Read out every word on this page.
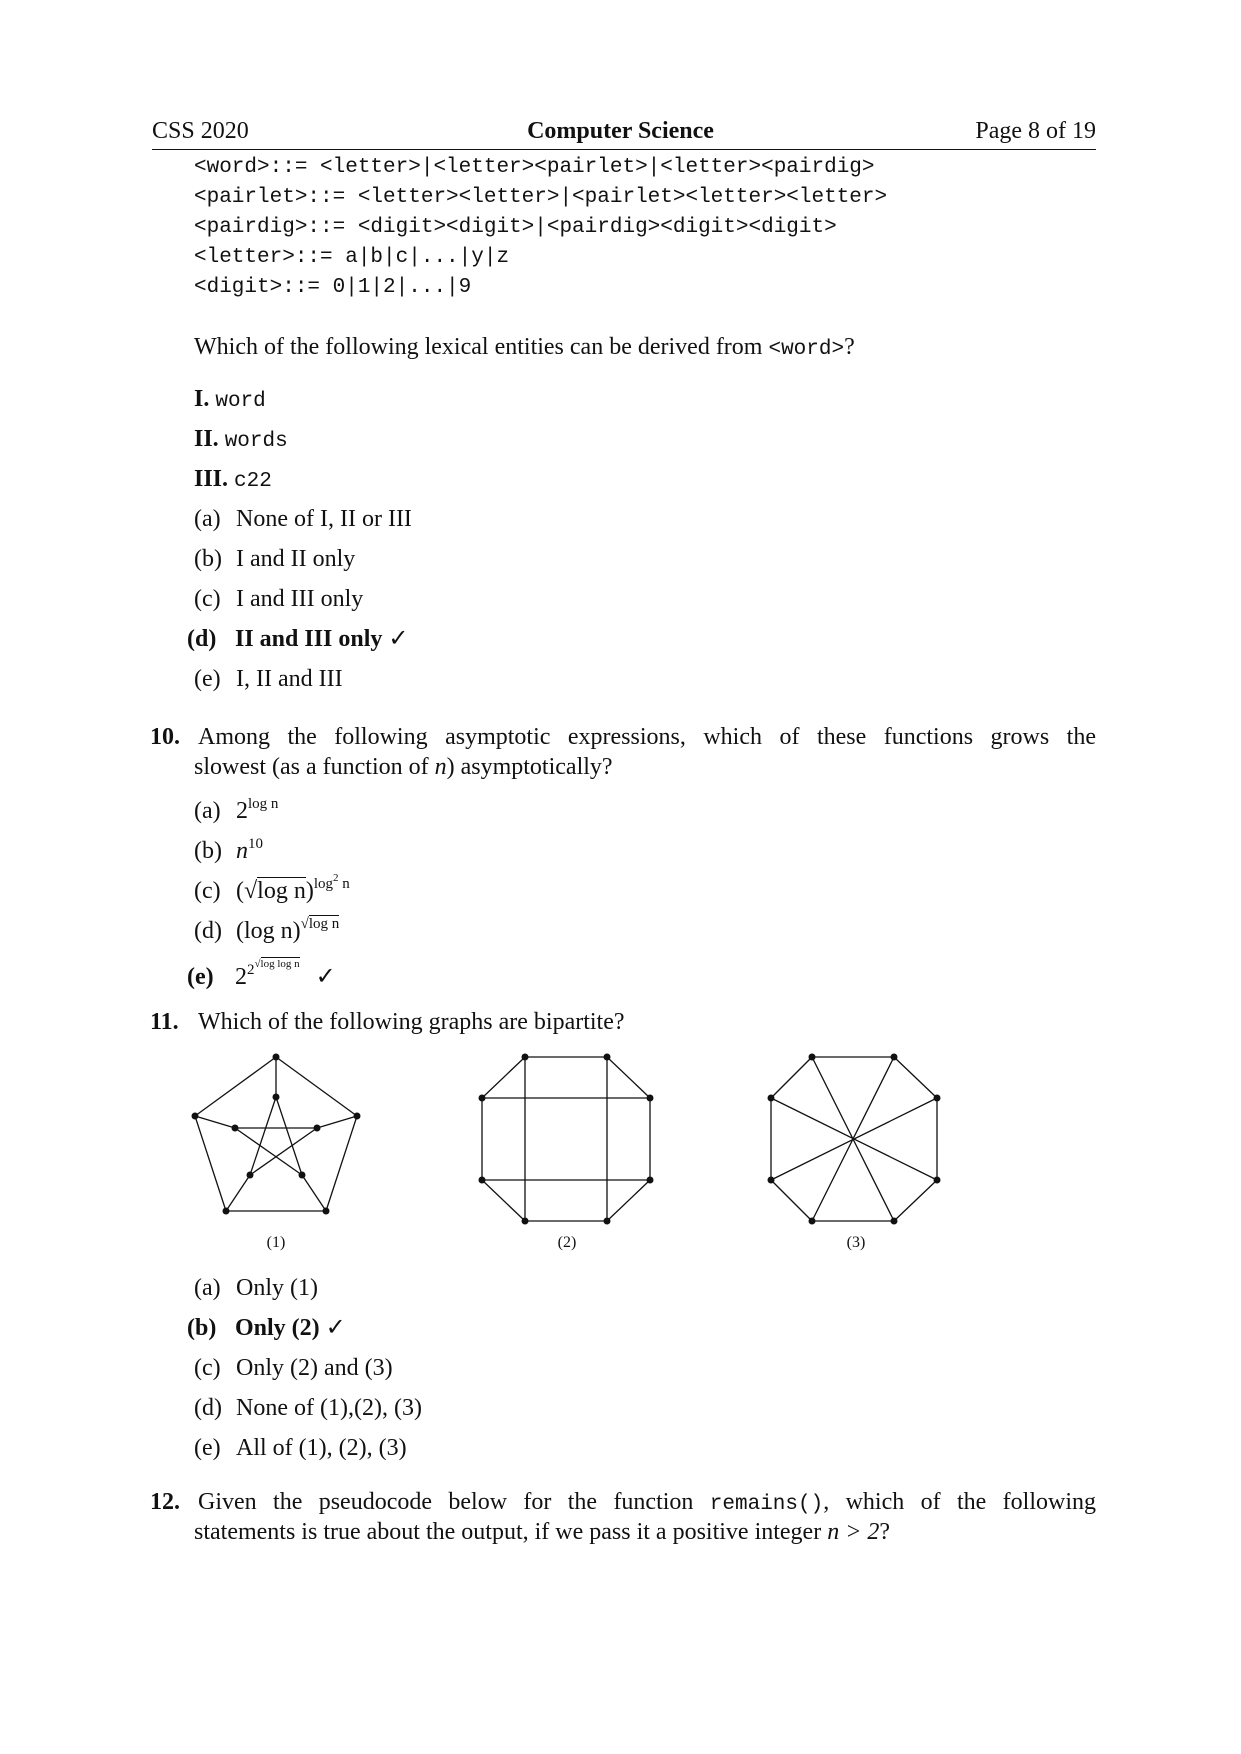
CSS 2020	Computer Science	Page 8 of 19
<word>::= <letter>|<letter><pairlet>|<letter><pairdig>
<pairlet>::= <letter><letter>|<pairlet><letter><letter>
<pairdig>::= <digit><digit>|<pairdig><digit><digit>
<letter>::= a|b|c|...|y|z
<digit>::= 0|1|2|...|9
Which of the following lexical entities can be derived from <word>?
I. word
II. words
III. c22
(a) None of I, II or III
(b) I and II only
(c) I and III only
(d) II and III only ✓
(e) I, II and III
10. Among the following asymptotic expressions, which of these functions grows the
slowest (as a function of n) asymptotically?
(a) $2^{log n}$
(b) $n^{10}$
(c) (√log n)$^{log^2 n}$
(d) (log n)$^{√log n}$
(e) $2^{2^{√log log n}}$ ✓
11. Which of the following graphs are bipartite?
(1)	(2)	(3)
(a) Only (1)
(b) Only (2) ✓
(c) Only (2) and (3)
(d) None of (1),(2), (3)
(e) All of (1), (2), (3)
12. Given the pseudocode below for the function remains(), which of the following
statements is true about the output, if we pass it a positive integer n > 2?
